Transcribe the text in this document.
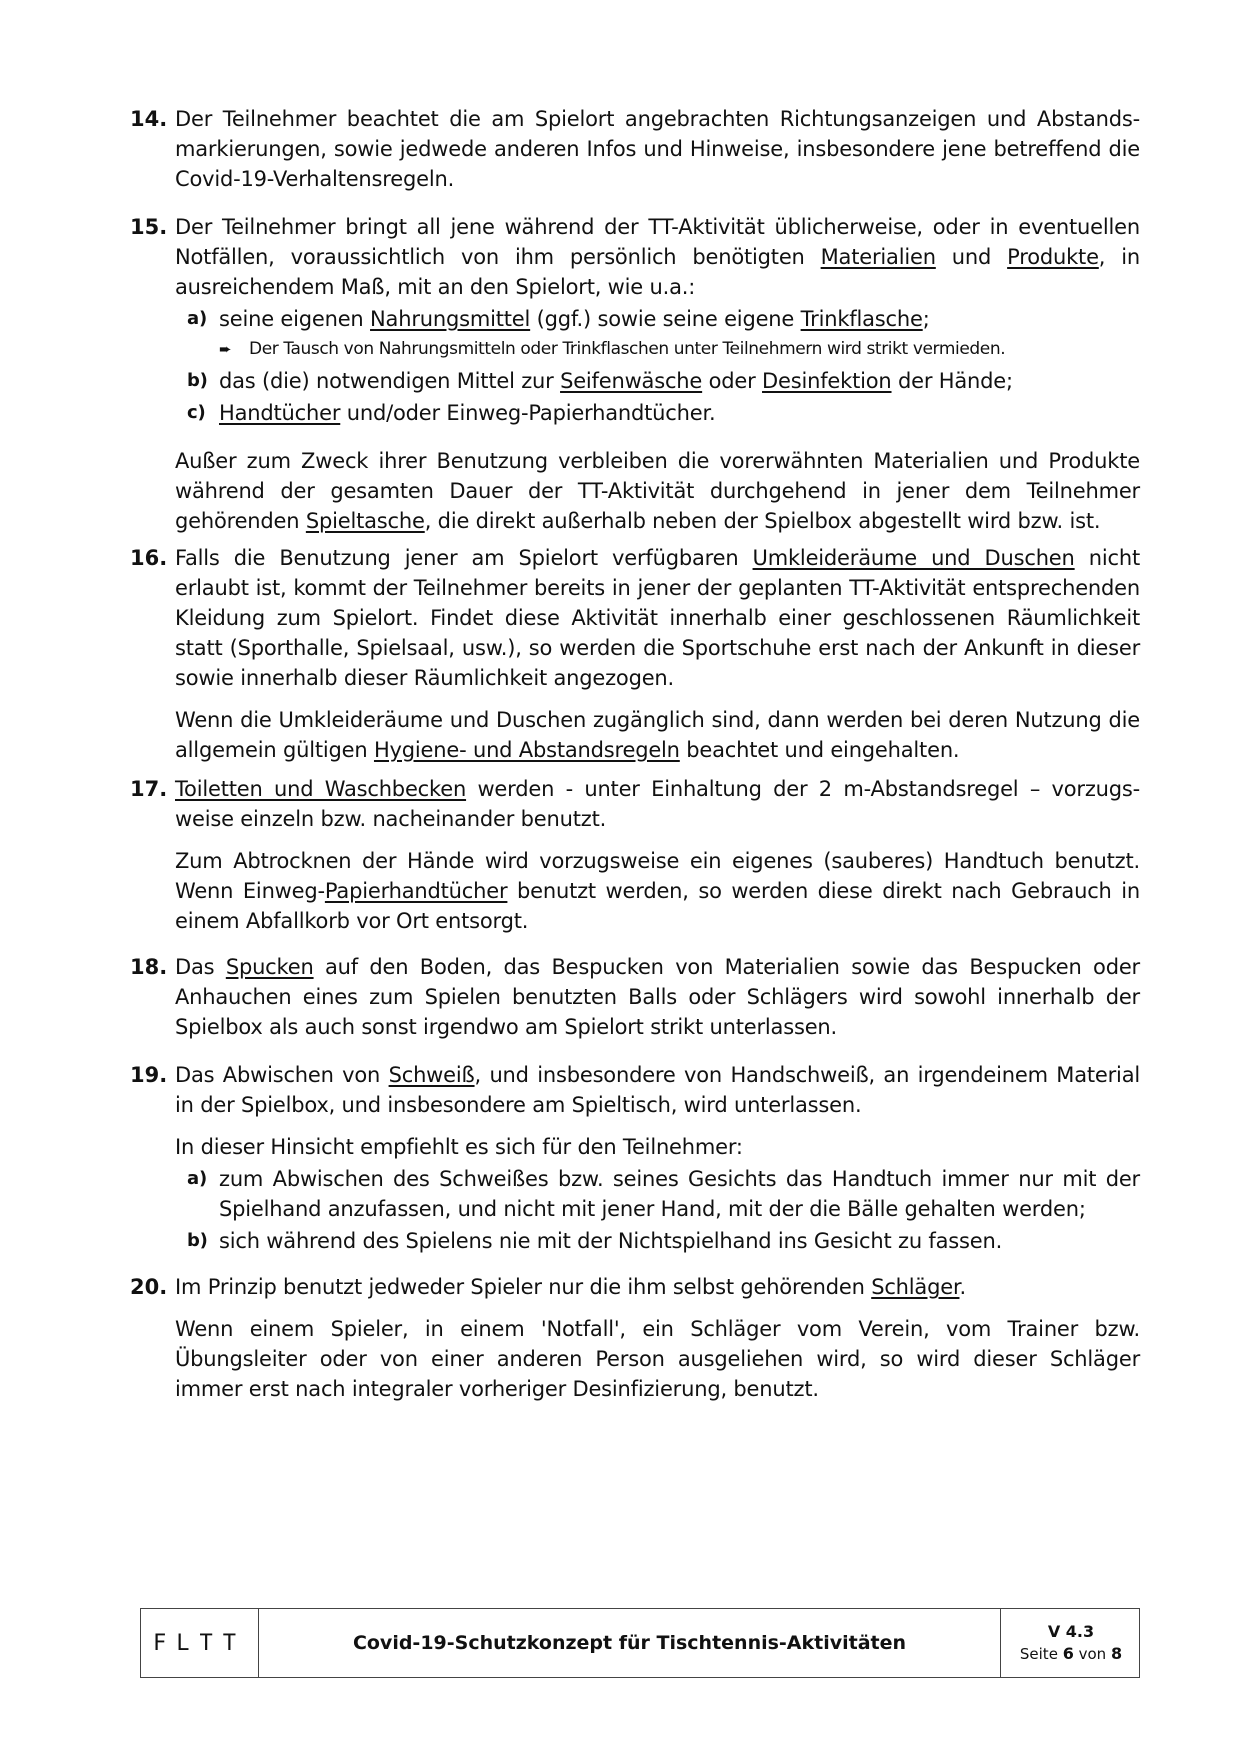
14. Der Teilnehmer beachtet die am Spielort angebrachten Richtungsanzeigen und Abstands-markierungen, sowie jedwede anderen Infos und Hinweise, insbesondere jene betreffend die Covid-19-Verhaltensregeln.

15. Der Teilnehmer bringt all jene während der TT-Aktivität üblicherweise, oder in eventuellen Notfällen, voraussichtlich von ihm persönlich benötigten Materialien und Produkte, in ausreichendem Maß, mit an den Spielort, wie u.a.:

a) seine eigenen Nahrungsmittel (ggf.) sowie seine eigene Trinkflasche;
➨ Der Tausch von Nahrungsmitteln oder Trinkflaschen unter Teilnehmern wird strikt vermieden.
b) das (die) notwendigen Mittel zur Seifenwäsche oder Desinfektion der Hände;
c) Handtücher und/oder Einweg-Papierhandtücher.

Außer zum Zweck ihrer Benutzung verbleiben die vorerwähnten Materialien und Produkte während der gesamten Dauer der TT-Aktivität durchgehend in jener dem Teilnehmer gehörenden Spieltasche, die direkt außerhalb neben der Spielbox abgestellt wird bzw. ist.

16. Falls die Benutzung jener am Spielort verfügbaren Umkleideräume und Duschen nicht erlaubt ist, kommt der Teilnehmer bereits in jener der geplanten TT-Aktivität entsprechenden Kleidung zum Spielort. Findet diese Aktivität innerhalb einer geschlossenen Räumlichkeit statt (Sporthalle, Spielsaal, usw.), so werden die Sportschuhe erst nach der Ankunft in dieser sowie innerhalb dieser Räumlichkeit angezogen.

Wenn die Umkleideräume und Duschen zugänglich sind, dann werden bei deren Nutzung die allgemein gültigen Hygiene- und Abstandsregeln beachtet und eingehalten.

17. Toiletten und Waschbecken werden - unter Einhaltung der 2 m-Abstandsregel – vorzugs-weise einzeln bzw. nacheinander benutzt.

Zum Abtrocknen der Hände wird vorzugsweise ein eigenes (sauberes) Handtuch benutzt. Wenn Einweg-Papierhandtücher benutzt werden, so werden diese direkt nach Gebrauch in einem Abfallkorb vor Ort entsorgt.

18. Das Spucken auf den Boden, das Bespucken von Materialien sowie das Bespucken oder Anhauchen eines zum Spielen benutzten Balls oder Schlägers wird sowohl innerhalb der Spielbox als auch sonst irgendwo am Spielort strikt unterlassen.

19. Das Abwischen von Schweiß, und insbesondere von Handschweiß, an irgendeinem Material in der Spielbox, und insbesondere am Spieltisch, wird unterlassen.

In dieser Hinsicht empfiehlt es sich für den Teilnehmer:

a) zum Abwischen des Schweißes bzw. seines Gesichts das Handtuch immer nur mit der Spielhand anzufassen, und nicht mit jener Hand, mit der die Bälle gehalten werden;
b) sich während des Spielens nie mit der Nichtspielhand ins Gesicht zu fassen.
20. Im Prinzip benutzt jedweder Spieler nur die ihm selbst gehörenden Schläger.

Wenn einem Spieler, in einem 'Notfall', ein Schläger vom Verein, vom Trainer bzw. Übungsleiter oder von einer anderen Person ausgeliehen wird, so wird dieser Schläger immer erst nach integraler vorheriger Desinfizierung, benutzt.

FLTT	Covid-19-Schutzkonzept für Tischtennis-Aktivitäten
V 4.3
Seite 6 von 8
